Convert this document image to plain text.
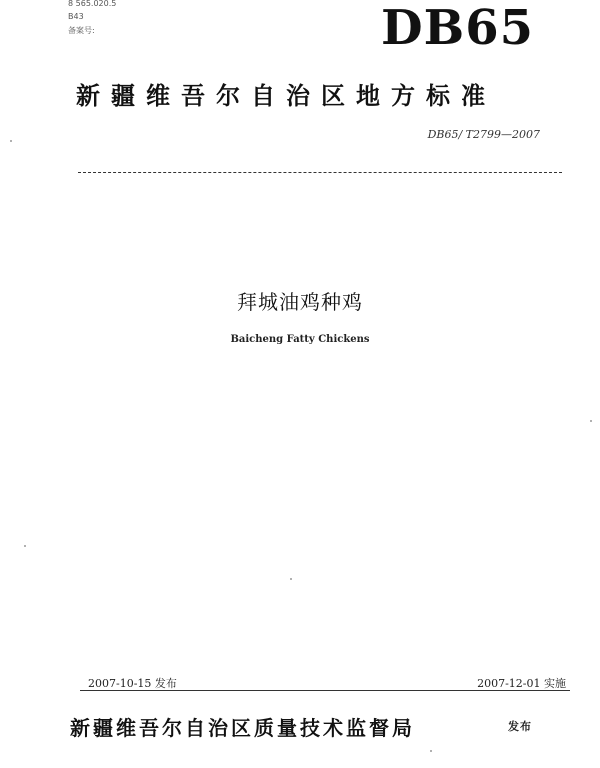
8 565.020.5
B43
备案号:	DB65
新疆维吾尔自治区地方标准
DB65/ T2799—2007
拜城油鸡种鸡
Baicheng Fatty Chickens
2007-10-15 发布	2007-12-01 实施
新疆维吾尔自治区质量技术监督局	发布
